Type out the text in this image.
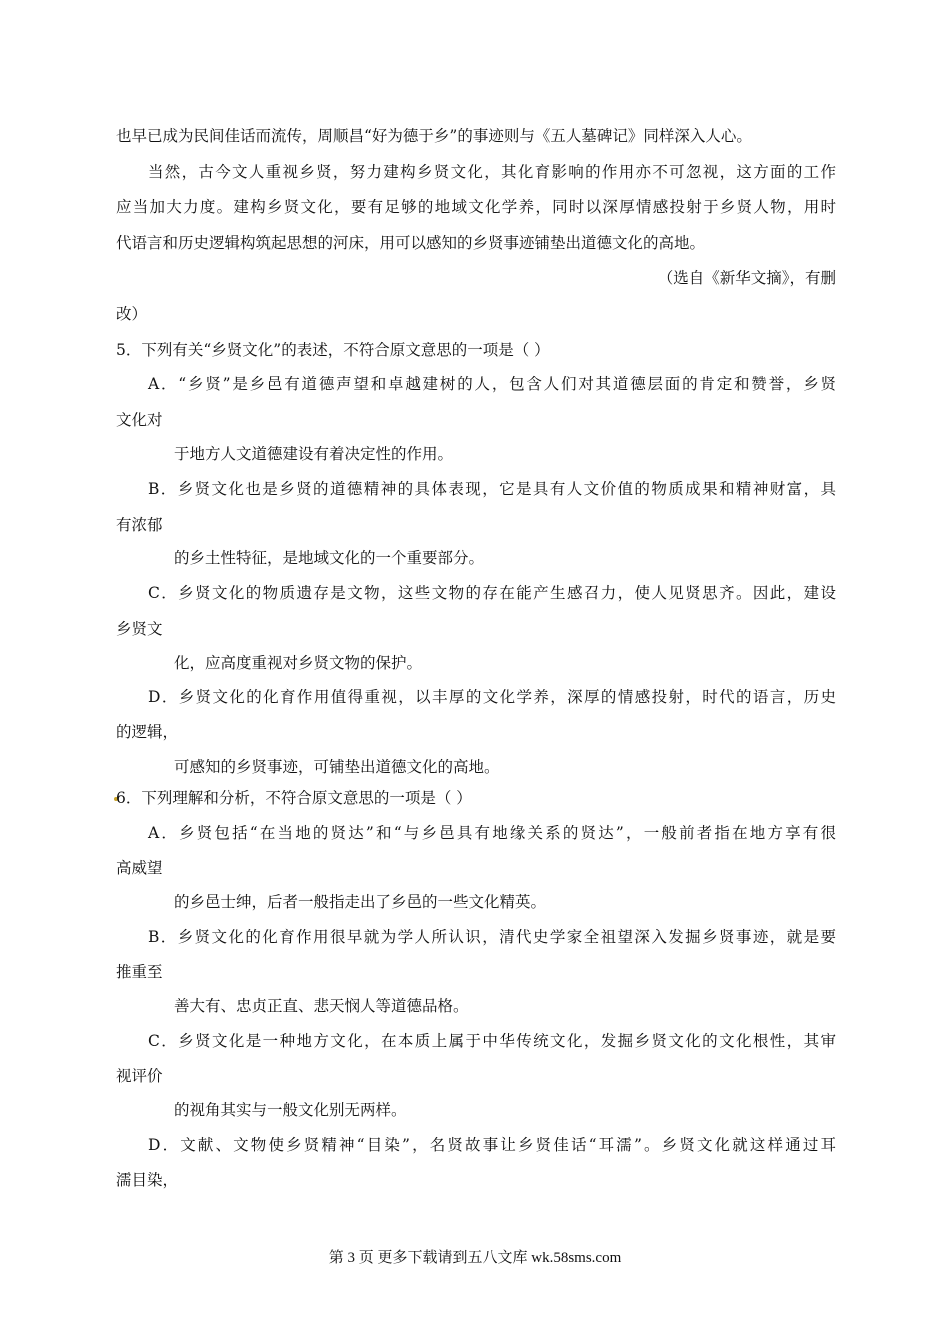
也早已成为民间佳话而流传，周顺昌“好为德于乡”的事迹则与《五人墓碑记》同样深入人心。
当然，古今文人重视乡贤，努力建构乡贤文化，其化育影响的作用亦不可忽视，这方面的工作
应当加大力度。建构乡贤文化，要有足够的地域文化学养，同时以深厚情感投射于乡贤人物，用时
代语言和历史逻辑构筑起思想的河床，用可以感知的乡贤事迹铺垫出道德文化的高地。
（选自《新华文摘》，有删
改）
5．下列有关“乡贤文化”的表述，不符合原文意思的一项是（ ）
A．“乡贤”是乡邑有道德声望和卓越建树的人，包含人们对其道德层面的肯定和赞誉，乡贤
文化对
于地方人文道德建设有着决定性的作用。
B．乡贤文化也是乡贤的道德精神的具体表现，它是具有人文价值的物质成果和精神财富，具
有浓郁
的乡土性特征，是地域文化的一个重要部分。
C．乡贤文化的物质遗存是文物，这些文物的存在能产生感召力，使人见贤思齐。因此，建设
乡贤文
化，应高度重视对乡贤文物的保护。
D．乡贤文化的化育作用值得重视，以丰厚的文化学养，深厚的情感投射，时代的语言，历史
的逻辑，
可感知的乡贤事迹，可铺垫出道德文化的高地。
6．下列理解和分析，不符合原文意思的一项是（ ）
A．乡贤包括“在当地的贤达”和“与乡邑具有地缘关系的贤达”，一般前者指在地方享有很
高威望
的乡邑士绅，后者一般指走出了乡邑的一些文化精英。
B．乡贤文化的化育作用很早就为学人所认识，清代史学家全祖望深入发掘乡贤事迹，就是要
推重至
善大有、忠贞正直、悲天悯人等道德品格。
C．乡贤文化是一种地方文化，在本质上属于中华传统文化，发掘乡贤文化的文化根性，其审
视评价
的视角其实与一般文化别无两样。
D．文献、文物使乡贤精神“目染”，名贤故事让乡贤佳话“耳濡”。乡贤文化就这样通过耳
濡目染，
第 3 页 更多下载请到五八文库 wk.58sms.com
